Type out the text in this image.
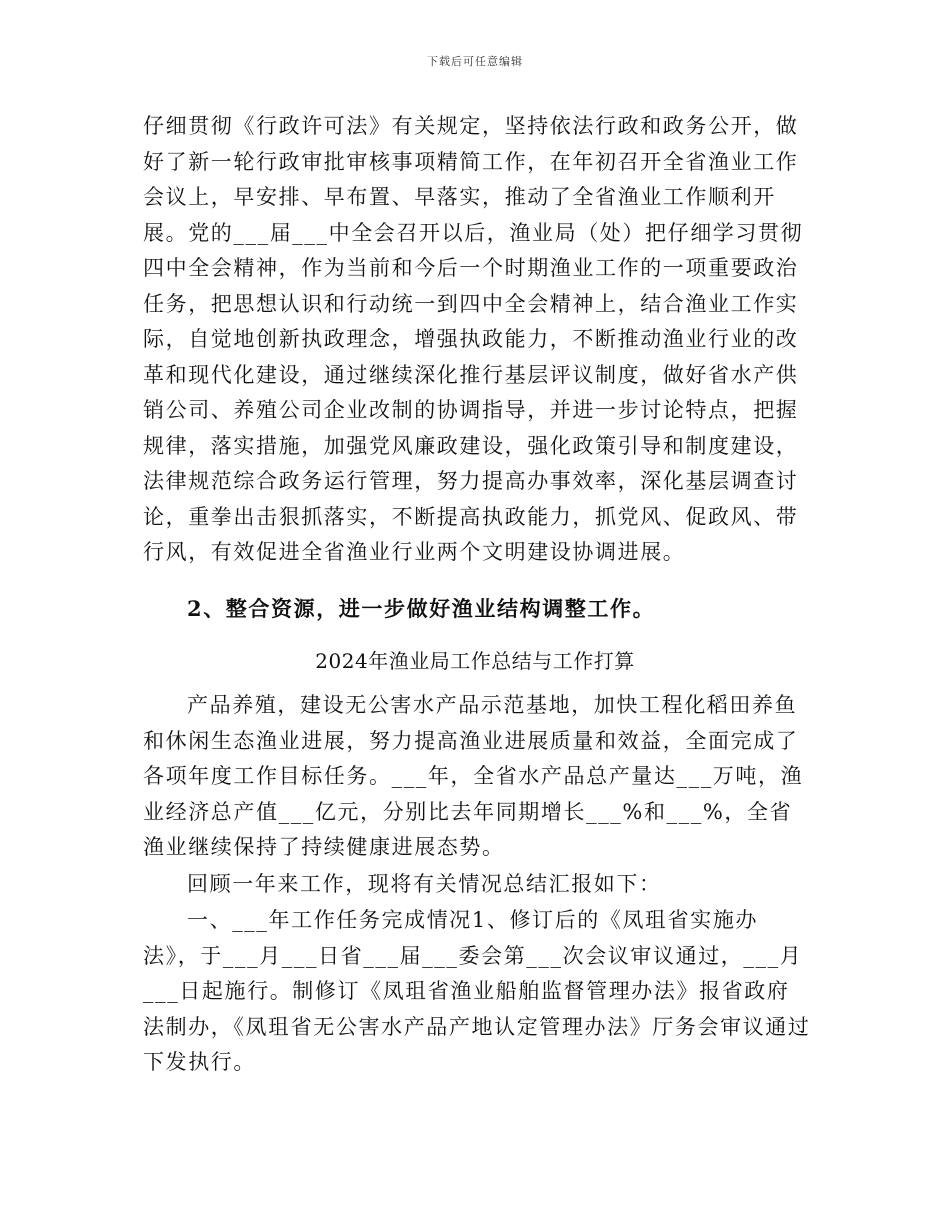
下载后可任意编辑

仔细贯彻《行政许可法》有关规定，坚持依法行政和政务公开，做好了新一轮行政审批审核事项精简工作，在年初召开全省渔业工作会议上，早安排、早布置、早落实，推动了全省渔业工作顺利开展。党的___届___中全会召开以后，渔业局（处）把仔细学习贯彻四中全会精神，作为当前和今后一个时期渔业工作的一项重要政治任务，把思想认识和行动统一到四中全会精神上，结合渔业工作实际，自觉地创新执政理念，增强执政能力，不断推动渔业行业的改革和现代化建设，通过继续深化推行基层评议制度，做好省水产供销公司、养殖公司企业改制的协调指导，并进一步讨论特点，把握规律，落实措施，加强党风廉政建设，强化政策引导和制度建设，法律规范综合政务运行管理，努力提高办事效率，深化基层调查讨论，重拳出击狠抓落实，不断提高执政能力，抓党风、促政风、带行风，有效促进全省渔业行业两个文明建设协调进展。

2、整合资源，进一步做好渔业结构调整工作。

2024年渔业局工作总结与工作打算

产品养殖，建设无公害水产品示范基地，加快工程化稻田养鱼和休闲生态渔业进展，努力提高渔业进展质量和效益，全面完成了各项年度工作目标任务。___年，全省水产品总产量达___万吨，渔业经济总产值___亿元，分别比去年同期增长___%和___%，全省渔业继续保持了持续健康进展态势。

回顾一年来工作，现将有关情况总结汇报如下：

一、___年工作任务完成情况1、修订后的《凤珇省实施办法》，于___月___日省___届___委会第___次会议审议通过，___月___日起施行。制修订《凤珇省渔业船舶监督管理办法》报省政府法制办，《凤珇省无公害水产品产地认定管理办法》厅务会审议通过下发执行。
